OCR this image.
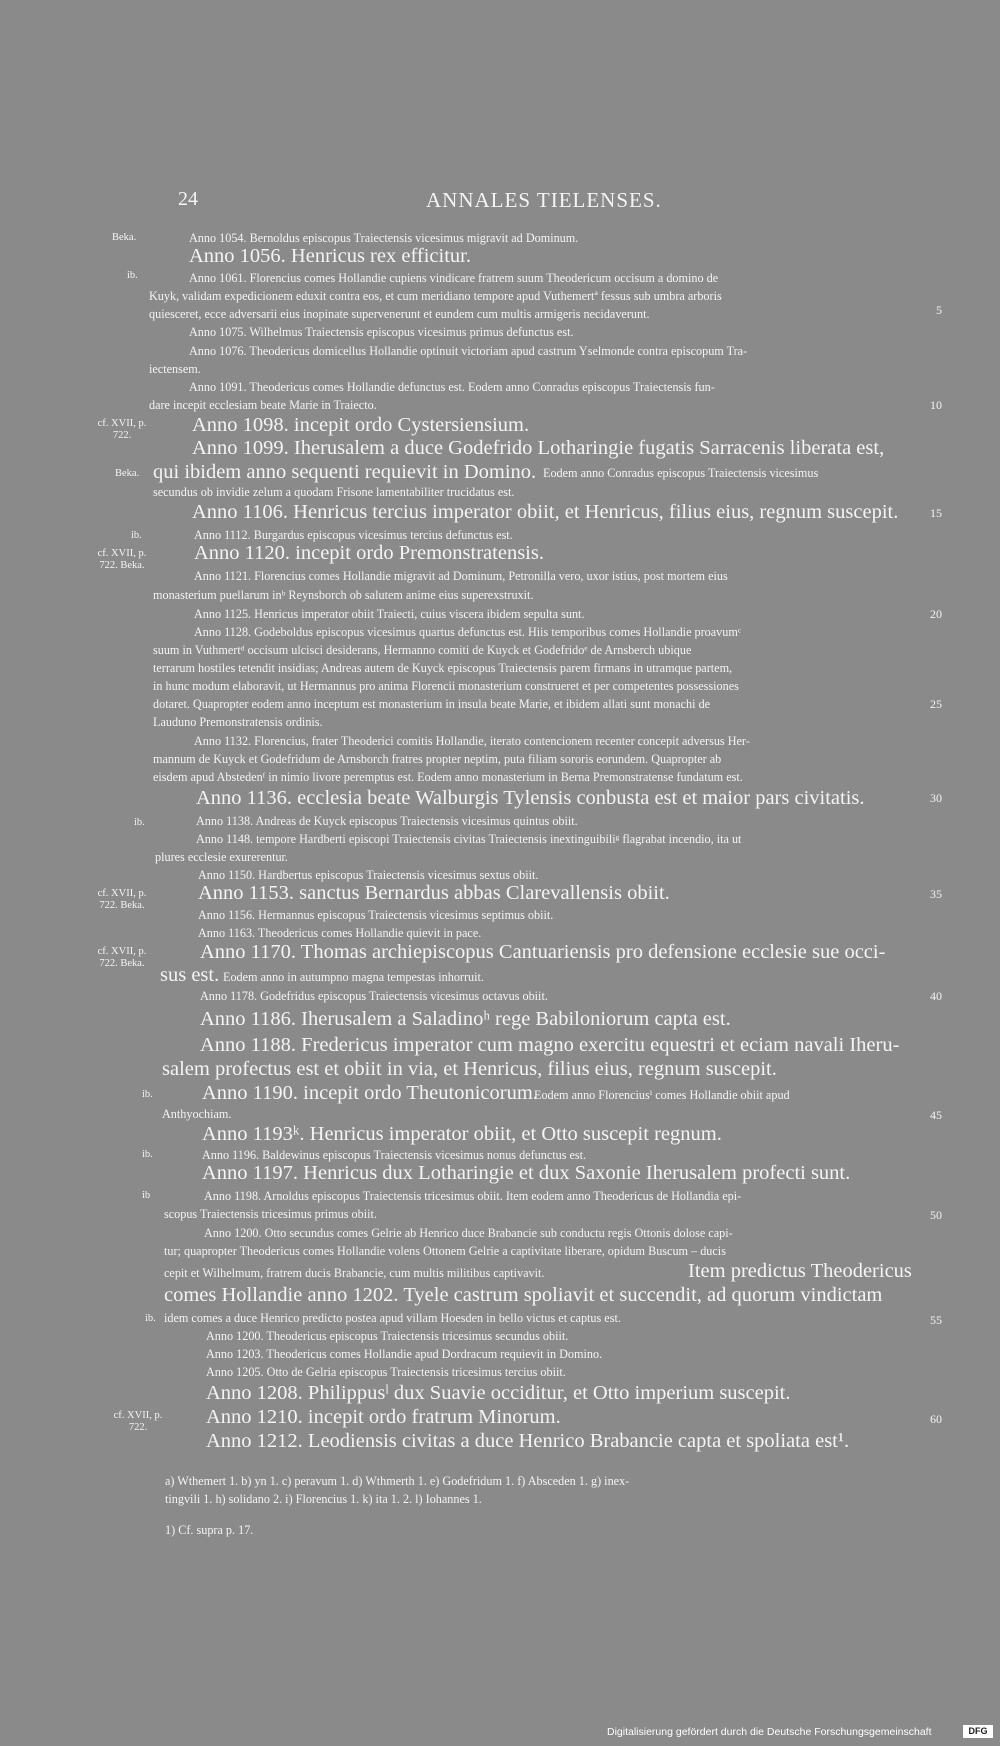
24	ANNALES TIELENSES.
Beka.
ib.
cf. XVII, p. 722.
Beka.
ib.
cf. XVII, p. 722. Beka.
ib.
cf. XVII, p. 722. Beka.
cf. XVII, p. 722. Beka.
ib.
ib.
ib
ib.
cf. XVII, p. 722.
Anno 1054. Bernoldus episcopus Traiectensis vicesimus migravit ad Dominum.
Anno 1056. Henricus rex efficitur.
Anno 1061. Florencius comes Hollandie cupiens vindicare fratrem suum Theodericum occisum a domino de
Kuyk, validam expedicionem eduxit contra eos, et cum meridiano tempore apud Vuthemertª fessus sub umbra arboris
quiesceret, ecce adversarii eius inopinate supervenerunt et eundem cum multis armigeris necidaverunt.
Anno 1075. Wilhelmus Traiectensis episcopus vicesimus primus defunctus est.
Anno 1076. Theodericus domicellus Hollandie optinuit victoriam apud castrum Yselmonde contra episcopum Tra-
iectensem.
Anno 1091. Theodericus comes Hollandie defunctus est. Eodem anno Conradus episcopus Traiectensis fun-
dare incepit ecclesiam beate Marie in Traiecto.
Anno 1098. incepit ordo Cystersiensium.
Anno 1099. Iherusalem a duce Godefrido Lotharingie fugatis Sarracenis liberata est,
qui ibidem anno sequenti requievit in Domino. Eodem anno Conradus episcopus Traiectensis vicesimus
secundus ob invidie zelum a quodam Frisone lamentabiliter trucidatus est.
Anno 1106. Henricus tercius imperator obiit, et Henricus, filius eius, regnum suscepit.
Anno 1112. Burgardus episcopus vicesimus tercius defunctus est.
Anno 1120. incepit ordo Premonstratensis.
Anno 1121. Florencius comes Hollandie migravit ad Dominum, Petronilla vero, uxor istius, post mortem eius
monasterium puellarum inᵇ Reynsborch ob salutem anime eius superexstruxit.
Anno 1125. Henricus imperator obiit Traiecti, cuius viscera ibidem sepulta sunt.
Anno 1128. Godeboldus episcopus vicesimus quartus defunctus est. Hiis temporibus comes Hollandie proavumᶜ
suum in Vuthmertᵈ occisum ulcisci desiderans, Hermanno comiti de Kuyck et Godefridoᵉ de Arnsberch ubique
terrarum hostiles tetendit insidias; Andreas autem de Kuyck episcopus Traiectensis parem firmans in utramque partem,
in hunc modum elaboravit, ut Hermannus pro anima Florencii monasterium construeret et per competentes possessiones
dotaret. Quapropter eodem anno inceptum est monasterium in insula beate Marie, et ibidem allati sunt monachi de
Lauduno Premonstratensis ordinis.
Anno 1132. Florencius, frater Theoderici comitis Hollandie, iterato contencionem recenter concepit adversus Her-
mannum de Kuyck et Godefridum de Arnsborch fratres propter neptim, puta filiam sororis eorundem. Quapropter ab
eisdem apud Abstedenᶠ in nimio livore peremptus est. Eodem anno monasterium in Berna Premonstratense fundatum est.
Anno 1136. ecclesia beate Walburgis Tylensis conbusta est et maior pars civitatis.
Anno 1138. Andreas de Kuyck episcopus Traiectensis vicesimus quintus obiit.
Anno 1148. tempore Hardberti episcopi Traiectensis civitas Traiectensis inextinguibiliᵍ flagrabat incendio, ita ut
plures ecclesie exurerentur.
Anno 1150. Hardbertus episcopus Traiectensis vicesimus sextus obiit.
Anno 1153. sanctus Bernardus abbas Clarevallensis obiit.
Anno 1156. Hermannus episcopus Traiectensis vicesimus septimus obiit.
Anno 1163. Theodericus comes Hollandie quievit in pace.
Anno 1170. Thomas archiepiscopus Cantuariensis pro defensione ecclesie sue occi-
sus est. Eodem anno in autumpno magna tempestas inhorruit.
Anno 1178. Godefridus episcopus Traiectensis vicesimus octavus obiit.
Anno 1186. Iherusalem a Saladinoʰ rege Babiloniorum capta est.
Anno 1188. Fredericus imperator cum magno exercitu equestri et eciam navali Iheru-
salem profectus est et obiit in via, et Henricus, filius eius, regnum suscepit.
Anno 1190. incepit ordo Theutonicorum.
Eodem anno Florenciusⁱ comes Hollandie obiit apud
Anthyochiam.
Anno 1193ᵏ. Henricus imperator obiit, et Otto suscepit regnum.
Anno 1196. Baldewinus episcopus Traiectensis vicesimus nonus defunctus est.
Anno 1197. Henricus dux Lotharingie et dux Saxonie Iherusalem profecti sunt.
Anno 1198. Arnoldus episcopus Traiectensis tricesimus obiit. Item eodem anno Theodericus de Hollandia epi-
scopus Traiectensis tricesimus primus obiit.
Anno 1200. Otto secundus comes Gelrie ab Henrico duce Brabancie sub conductu regis Ottonis dolose capi-
tur; quapropter Theodericus comes Hollandie volens Ottonem Gelrie a captivitate liberare, opidum Buscum – ducis
cepit et Wilhelmum, fratrem ducis Brabancie, cum multis militibus captivavit.	Item predictus Theodericus
comes Hollandie anno 1202. Tyele castrum spoliavit et succendit, ad quorum vindictam
idem comes a duce Henrico predicto postea apud villam Hoesden in bello victus et captus est.
Anno 1200. Theodericus episcopus Traiectensis tricesimus secundus obiit.
Anno 1203. Theodericus comes Hollandie apud Dordracum requievit in Domino.
Anno 1205. Otto de Gelria episcopus Traiectensis tricesimus tercius obiit.
Anno 1208. Philippusˡ dux Suavie occiditur, et Otto imperium suscepit.
Anno 1210. incepit ordo fratrum Minorum.
Anno 1212. Leodiensis civitas a duce Henrico Brabancie capta et spoliata est¹.
5
10
15
20
25
30
35
40
45
50
55
60
a) Wthemert 1. b) yn 1. c) peravum 1. d) Wthmerth 1. e) Godefridum 1. f) Absceden 1. g) inex-
tingvili 1. h) solidano 2. i) Florencius 1. k) ita 1. 2. l) Iohannes 1.
1) Cf. supra p. 17.
Digitalisierung gefördert durch die Deutsche Forschungsgemeinschaft	DFG
